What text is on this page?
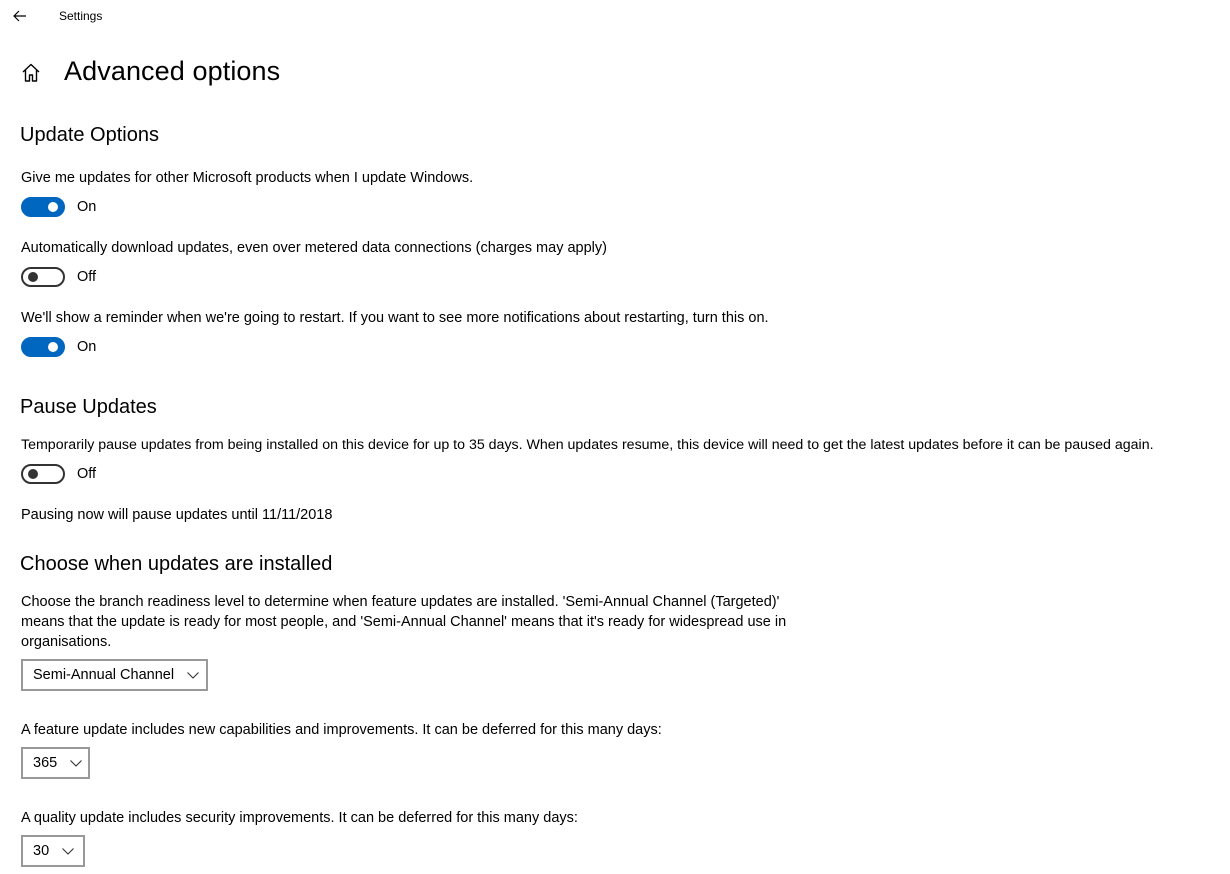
Settings
Advanced options
Update Options
Give me updates for other Microsoft products when I update Windows.
On
Automatically download updates, even over metered data connections (charges may apply)
Off
We'll show a reminder when we're going to restart. If you want to see more notifications about restarting, turn this on.
On
Pause Updates
Temporarily pause updates from being installed on this device for up to 35 days. When updates resume, this device will need to get the latest updates before it can be paused again.
Off
Pausing now will pause updates until 11/11/2018
Choose when updates are installed
Choose the branch readiness level to determine when feature updates are installed. 'Semi-Annual Channel (Targeted)'
means that the update is ready for most people, and 'Semi-Annual Channel' means that it's ready for widespread use in
organisations.
Semi-Annual Channel
A feature update includes new capabilities and improvements. It can be deferred for this many days:
365
A quality update includes security improvements. It can be deferred for this many days:
30
